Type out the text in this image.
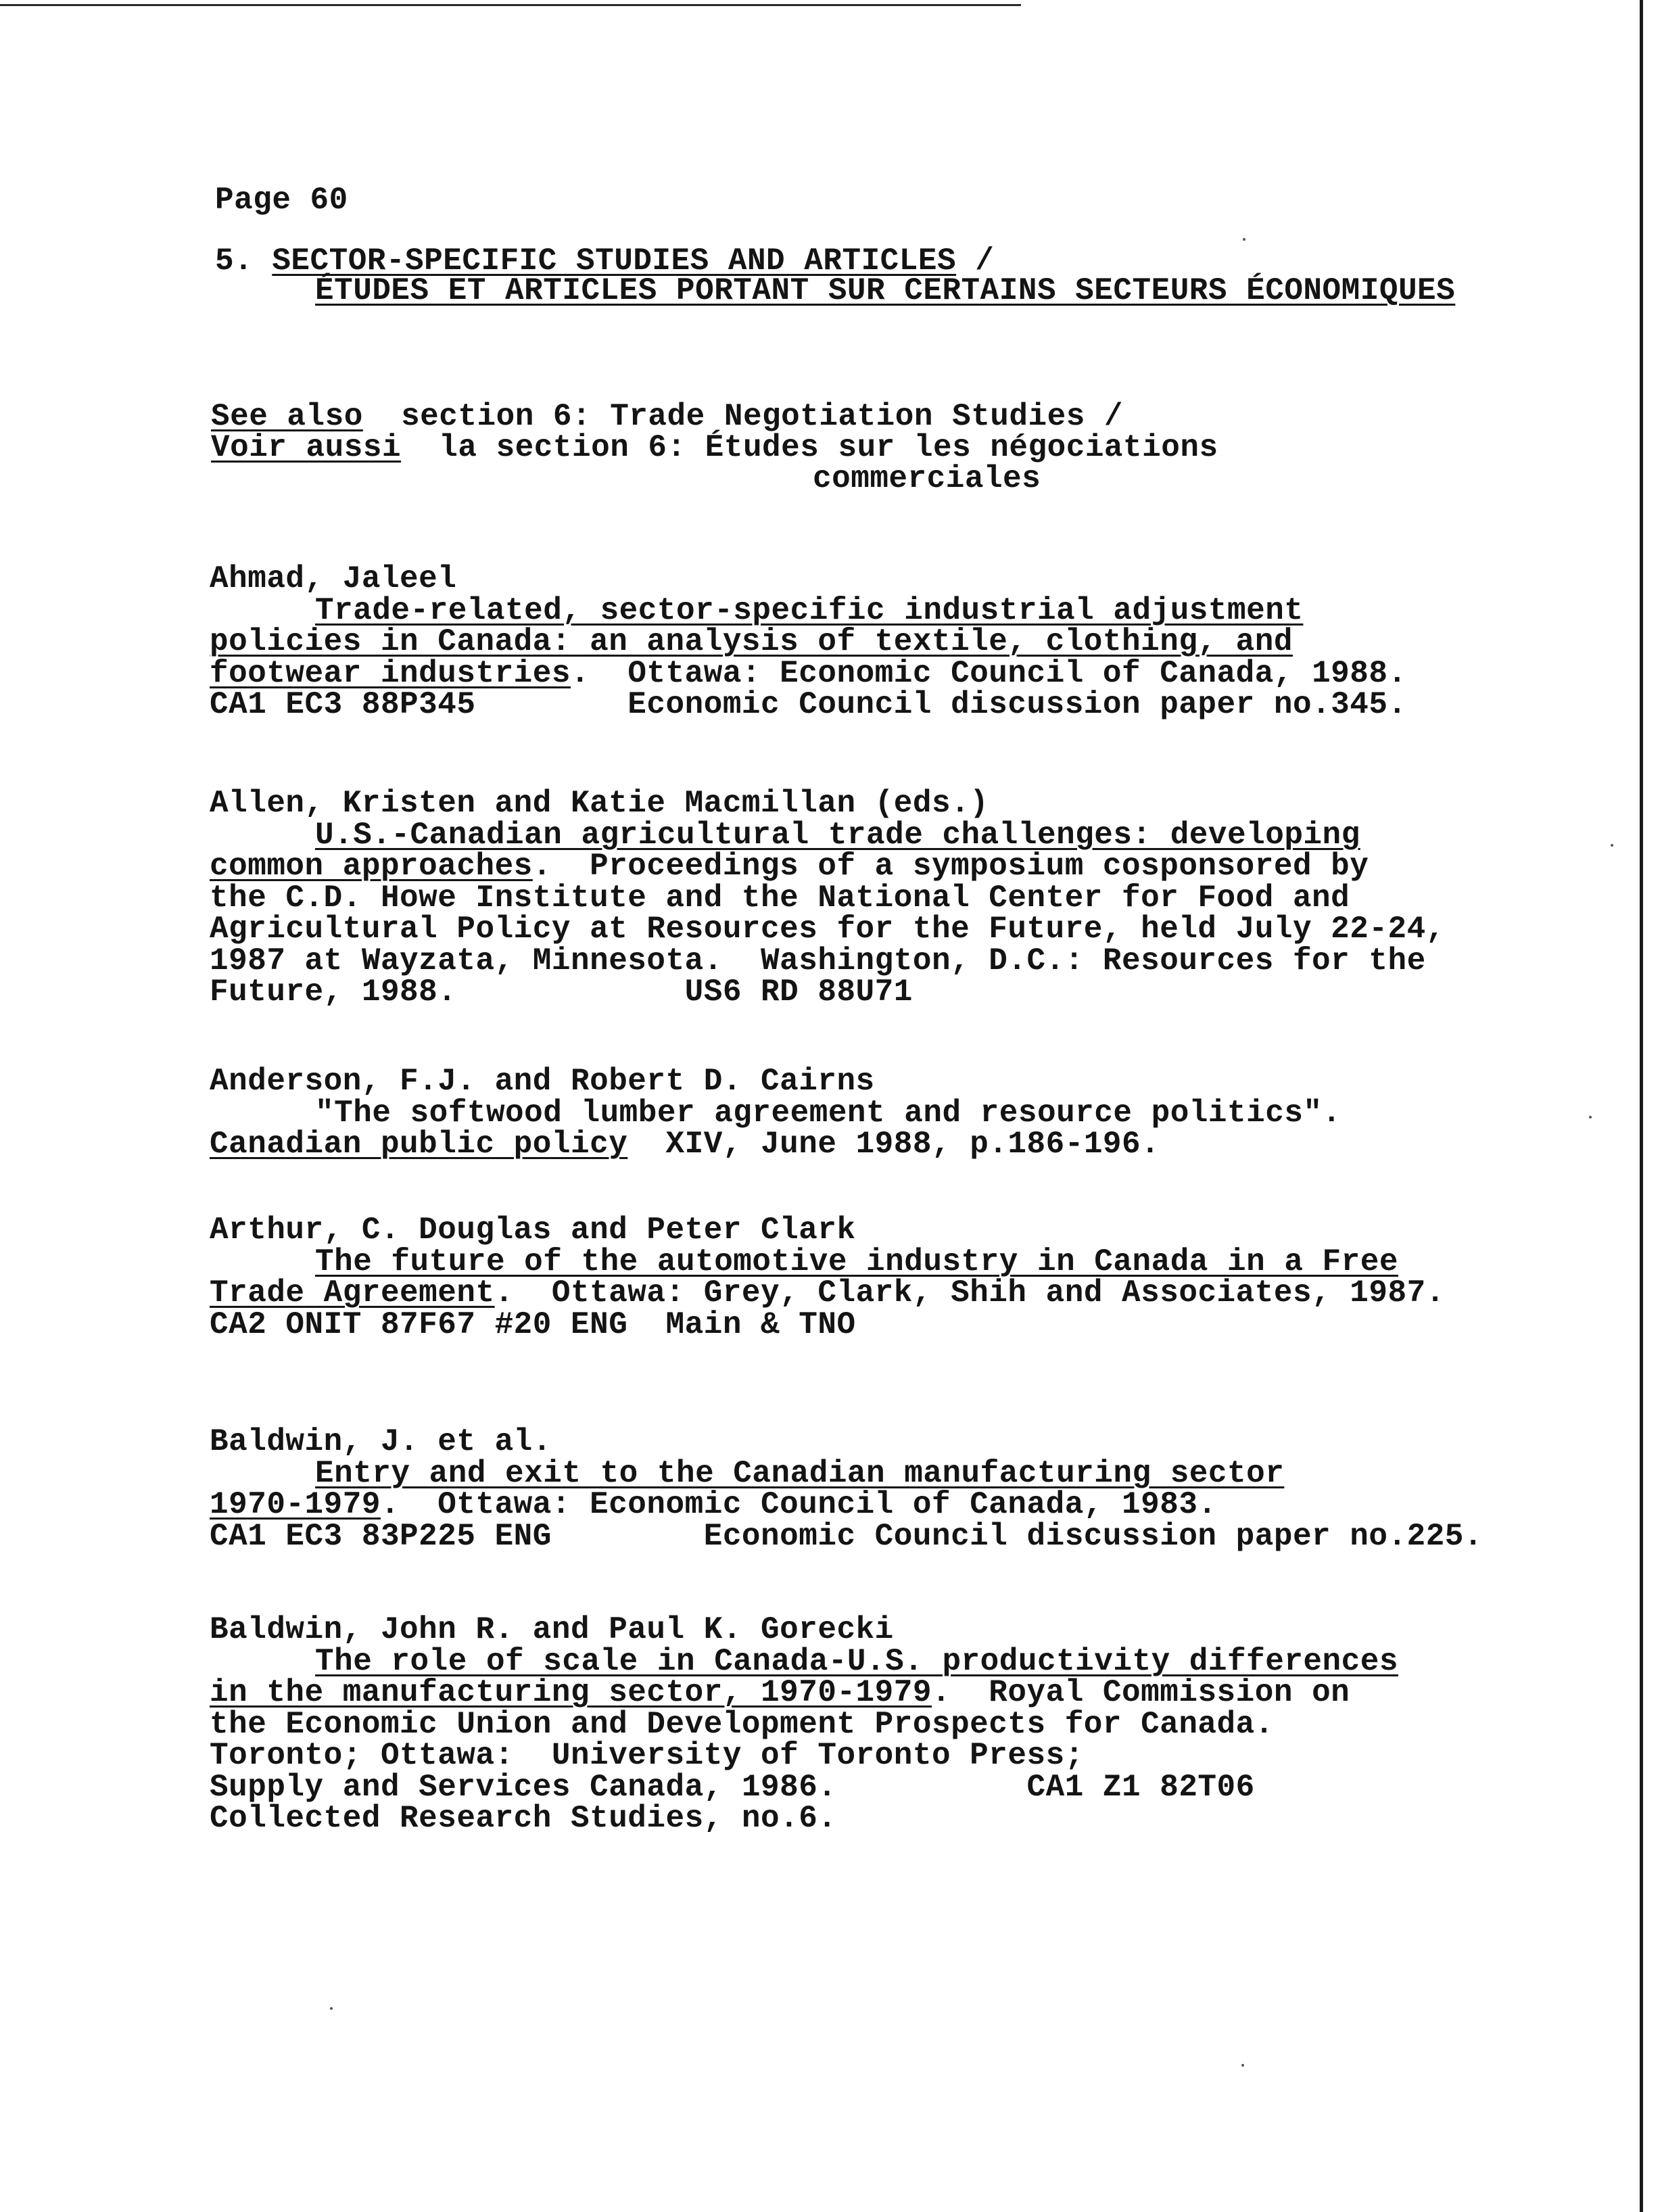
Page 60
5. SECTOR-SPECIFIC STUDIES AND ARTICLES /
ÉTUDES ET ARTICLES PORTANT SUR CERTAINS SECTEURS ÉCONOMIQUES
See also section 6: Trade Negotiation Studies /
Voir aussi la section 6: Études sur les négociations
commerciales
Ahmad, Jaleel
Trade-related, sector-specific industrial adjustment
policies in Canada: an analysis of textile, clothing, and
footwear industries.  Ottawa: Economic Council of Canada, 1988.
CA1 EC3 88P345        Economic Council discussion paper no.345.
Allen, Kristen and Katie Macmillan (eds.)
U.S.-Canadian agricultural trade challenges: developing
common approaches.  Proceedings of a symposium cosponsored by
the C.D. Howe Institute and the National Center for Food and
Agricultural Policy at Resources for the Future, held July 22-24,
1987 at Wayzata, Minnesota.  Washington, D.C.: Resources for the
Future, 1988.            US6 RD 88U71
Anderson, F.J. and Robert D. Cairns
"The softwood lumber agreement and resource politics".
Canadian public policy  XIV, June 1988, p.186-196.
Arthur, C. Douglas and Peter Clark
The future of the automotive industry in Canada in a Free
Trade Agreement.  Ottawa: Grey, Clark, Shih and Associates, 1987.
CA2 ONIT 87F67 #20 ENG  Main & TNO
Baldwin, J. et al.
Entry and exit to the Canadian manufacturing sector
1970-1979.  Ottawa: Economic Council of Canada, 1983.
CA1 EC3 83P225 ENG        Economic Council discussion paper no.225.
Baldwin, John R. and Paul K. Gorecki
The role of scale in Canada-U.S. productivity differences
in the manufacturing sector, 1970-1979.  Royal Commission on
the Economic Union and Development Prospects for Canada.
Toronto; Ottawa:  University of Toronto Press;
Supply and Services Canada, 1986.          CA1 Z1 82T06
Collected Research Studies, no.6.
